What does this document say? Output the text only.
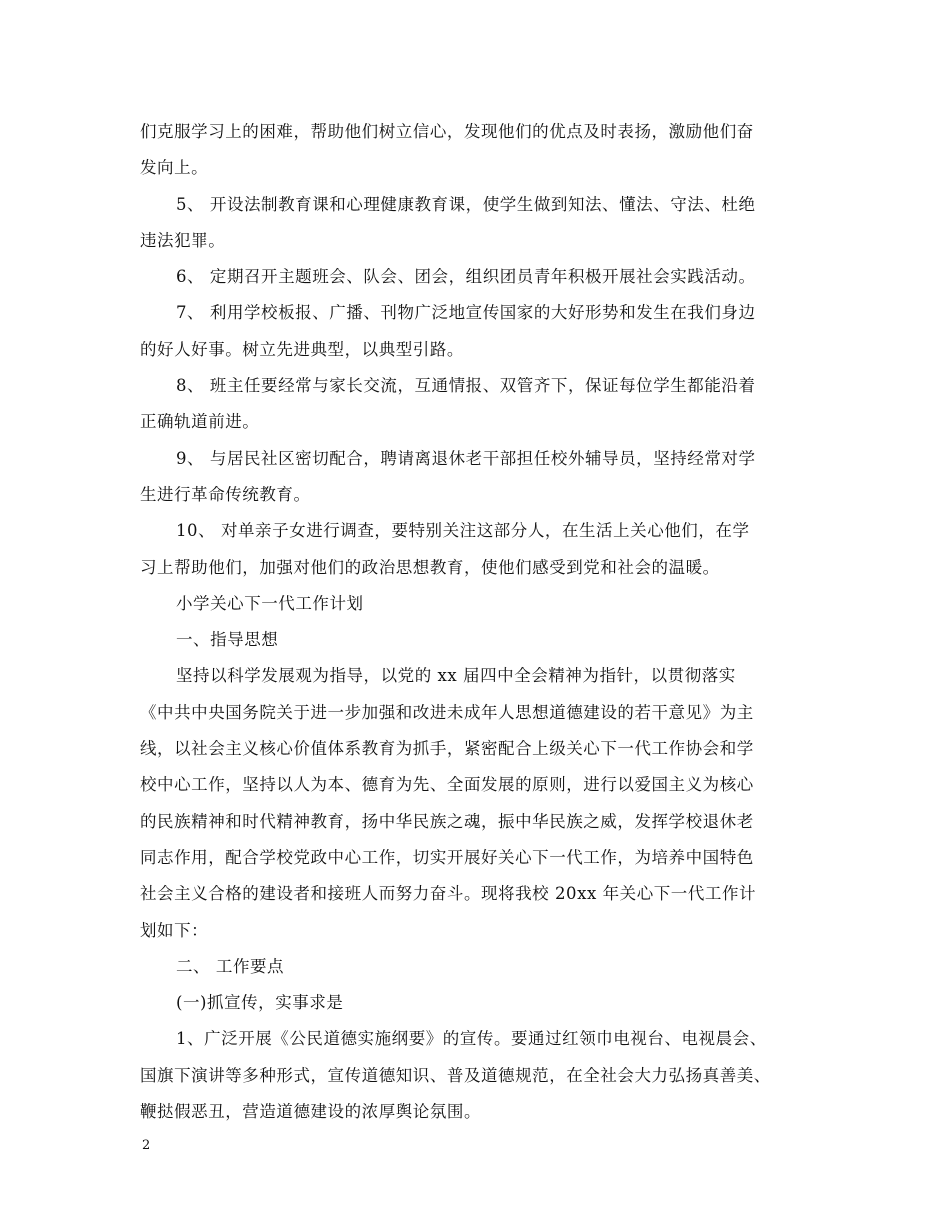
们克服学习上的困难，帮助他们树立信心，发现他们的优点及时表扬，激励他们奋
发向上。
5、 开设法制教育课和心理健康教育课，使学生做到知法、懂法、守法、杜绝
违法犯罪。
6、 定期召开主题班会、队会、团会，组织团员青年积极开展社会实践活动。
7、 利用学校板报、广播、刊物广泛地宣传国家的大好形势和发生在我们身边
的好人好事。树立先进典型，以典型引路。
8、 班主任要经常与家长交流，互通情报、双管齐下，保证每位学生都能沿着
正确轨道前进。
9、 与居民社区密切配合，聘请离退休老干部担任校外辅导员，坚持经常对学
生进行革命传统教育。
10、 对单亲子女进行调查，要特别关注这部分人，在生活上关心他们，在学
习上帮助他们，加强对他们的政治思想教育，使他们感受到党和社会的温暖。
小学关心下一代工作计划
一、指导思想
坚持以科学发展观为指导，以党的 xx 届四中全会精神为指针，以贯彻落实
《中共中央国务院关于进一步加强和改进未成年人思想道德建设的若干意见》为主
线，以社会主义核心价值体系教育为抓手，紧密配合上级关心下一代工作协会和学
校中心工作，坚持以人为本、德育为先、全面发展的原则，进行以爱国主义为核心
的民族精神和时代精神教育，扬中华民族之魂，振中华民族之威，发挥学校退休老
同志作用，配合学校党政中心工作，切实开展好关心下一代工作，为培养中国特色
社会主义合格的建设者和接班人而努力奋斗。现将我校 20xx 年关心下一代工作计
划如下：
二、 工作要点
(一)抓宣传，实事求是
1、广泛开展《公民道德实施纲要》的宣传。要通过红领巾电视台、电视晨会、
国旗下演讲等多种形式，宣传道德知识、普及道德规范，在全社会大力弘扬真善美、
鞭挞假恶丑，营造道德建设的浓厚舆论氛围。
2
